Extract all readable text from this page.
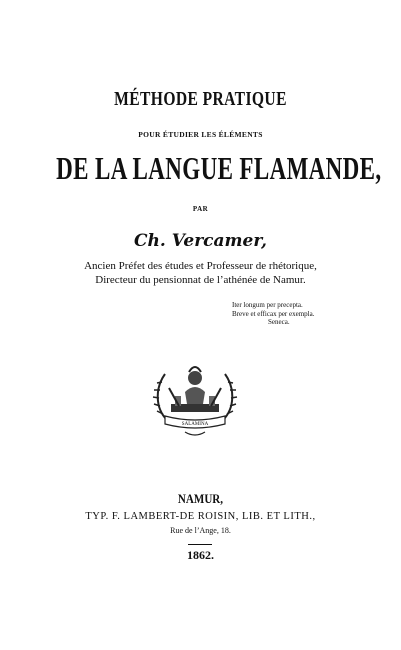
MÉTHODE PRATIQUE
POUR ÉTUDIER LES ÉLÉMENTS
DE LA LANGUE FLAMANDE,
PAR
Ch. Vercamer,
Ancien Préfet des études et Professeur de rhétorique,
Directeur du pensionnat de l’athénée de Namur.
Iter longum per precepta.
Breve et efficax per exempla.

Seneca.
SALAMINA
NAMUR,
TYP. F. LAMBERT-DE ROISIN, LIB. ET LITH.,
Rue de l’Ange, 18.
1862.
